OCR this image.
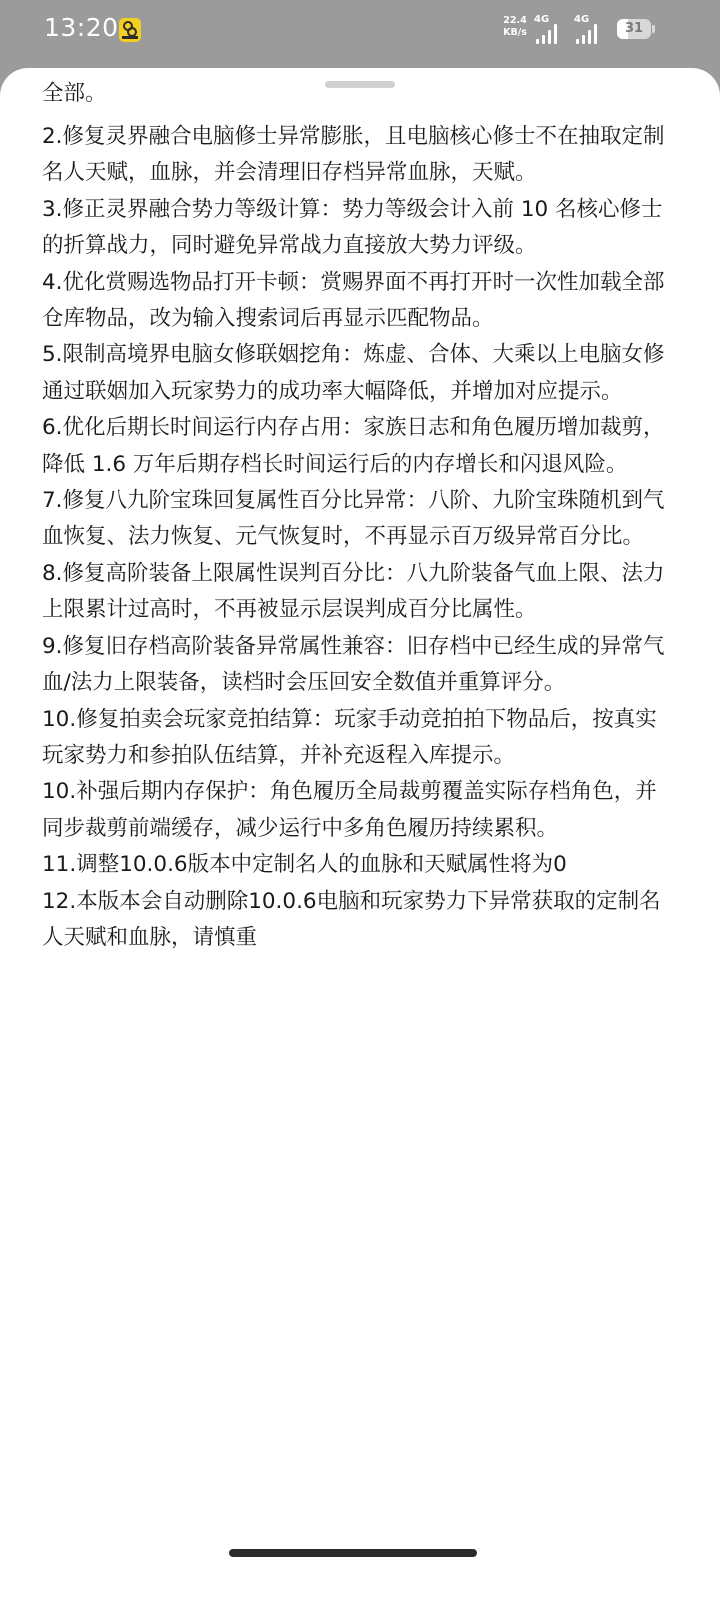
13:20	22.4
KB/s
4G 4G
31
全部。

2.修复灵界融合电脑修士异常膨胀，且电脑核心修士不在抽取定制名人天赋，血脉，并会清理旧存档异常血脉，天赋。

3.修正灵界融合势力等级计算：势力等级会计入前 10 名核心修士的折算战力，同时避免异常战力直接放大势力评级。

4.优化赏赐选物品打开卡顿：赏赐界面不再打开时一次性加载全部仓库物品，改为输入搜索词后再显示匹配物品。

5.限制高境界电脑女修联姻挖角：炼虚、合体、大乘以上电脑女修通过联姻加入玩家势力的成功率大幅降低，并增加对应提示。

6.优化后期长时间运行内存占用：家族日志和角色履历增加裁剪，降低 1.6 万年后期存档长时间运行后的内存增长和闪退风险。

7.修复八九阶宝珠回复属性百分比异常：八阶、九阶宝珠随机到气血恢复、法力恢复、元气恢复时，不再显示百万级异常百分比。

8.修复高阶装备上限属性误判百分比：八九阶装备气血上限、法力上限累计过高时，不再被显示层误判成百分比属性。

9.修复旧存档高阶装备异常属性兼容：旧存档中已经生成的异常气血/法力上限装备，读档时会压回安全数值并重算评分。

10.修复拍卖会玩家竞拍结算：玩家手动竞拍拍下物品后，按真实玩家势力和参拍队伍结算，并补充返程入库提示。

10.补强后期内存保护：角色履历全局裁剪覆盖实际存档角色，并同步裁剪前端缓存，减少运行中多角色履历持续累积。

11.调整10.0.6版本中定制名人的血脉和天赋属性将为0

12.本版本会自动删除10.0.6电脑和玩家势力下异常获取的定制名人天赋和血脉，请慎重
